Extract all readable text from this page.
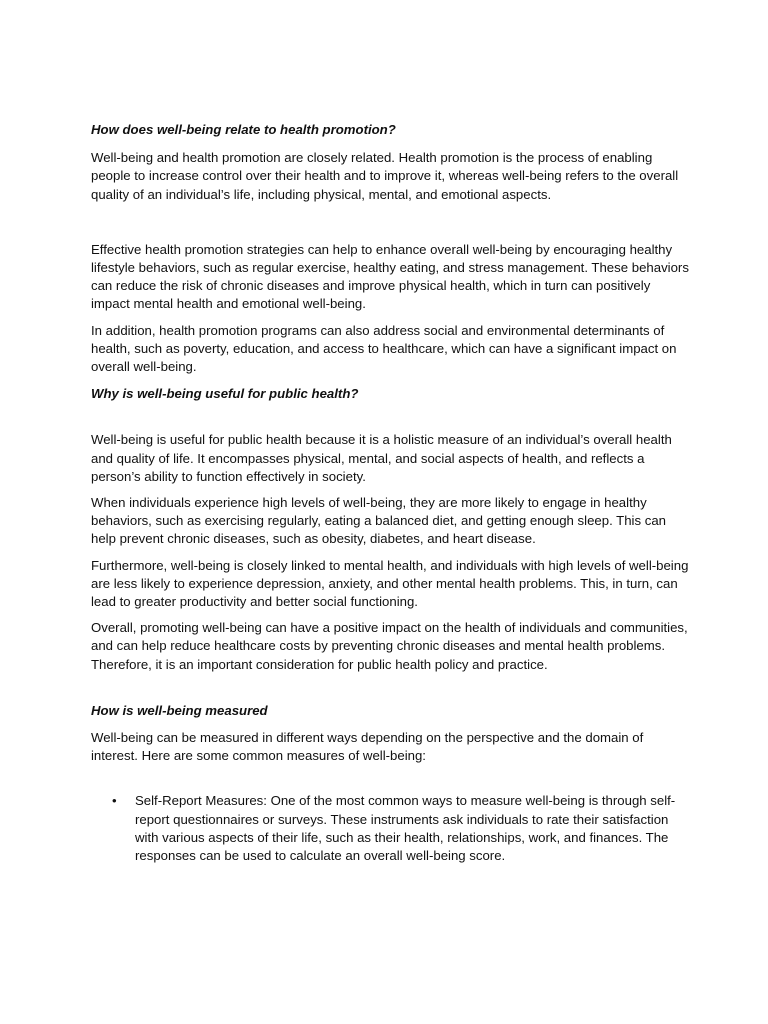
How does well-being relate to health promotion?

Well-being and health promotion are closely related. Health promotion is the process of enabling people to increase control over their health and to improve it, whereas well-being refers to the overall quality of an individual’s life, including physical, mental, and emotional aspects.

Effective health promotion strategies can help to enhance overall well-being by encouraging healthy lifestyle behaviors, such as regular exercise, healthy eating, and stress management. These behaviors can reduce the risk of chronic diseases and improve physical health, which in turn can positively impact mental health and emotional well-being.

In addition, health promotion programs can also address social and environmental determinants of health, such as poverty, education, and access to healthcare, which can have a significant impact on overall well-being.

Why is well-being useful for public health?

Well-being is useful for public health because it is a holistic measure of an individual’s overall health and quality of life. It encompasses physical, mental, and social aspects of health, and reflects a person’s ability to function effectively in society.

When individuals experience high levels of well-being, they are more likely to engage in healthy behaviors, such as exercising regularly, eating a balanced diet, and getting enough sleep. This can help prevent chronic diseases, such as obesity, diabetes, and heart disease.

Furthermore, well-being is closely linked to mental health, and individuals with high levels of well-being are less likely to experience depression, anxiety, and other mental health problems. This, in turn, can lead to greater productivity and better social functioning.

Overall, promoting well-being can have a positive impact on the health of individuals and communities, and can help reduce healthcare costs by preventing chronic diseases and mental health problems. Therefore, it is an important consideration for public health policy and practice.

How is well-being measured

Well-being can be measured in different ways depending on the perspective and the domain of interest. Here are some common measures of well-being:

• Self-Report Measures: One of the most common ways to measure well-being is through self-report questionnaires or surveys. These instruments ask individuals to rate their satisfaction with various aspects of their life, such as their health, relationships, work, and finances. The responses can be used to calculate an overall well-being score.
